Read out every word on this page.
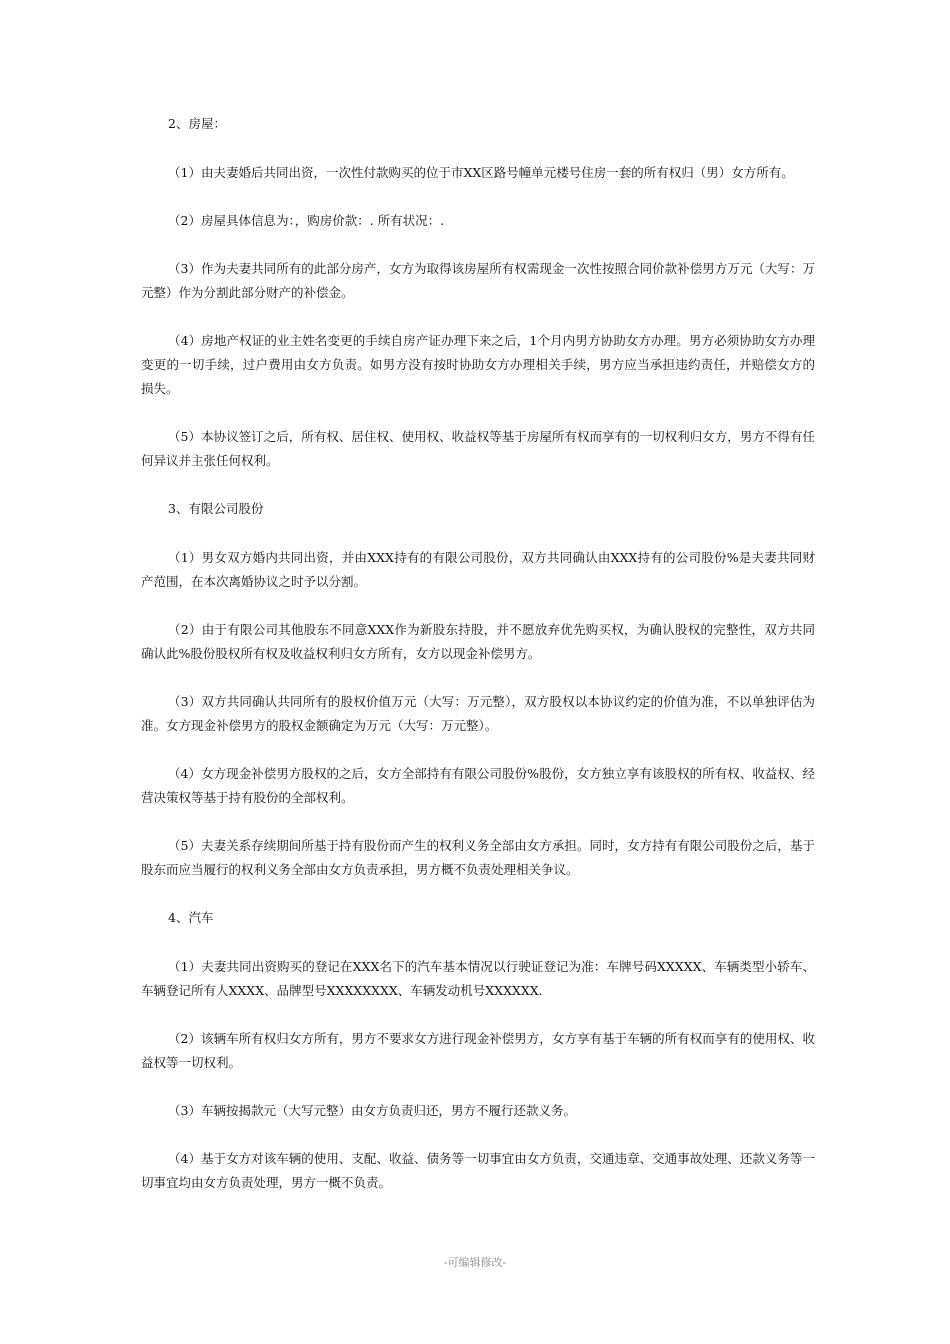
2、房屋：

（1）由夫妻婚后共同出资，一次性付款购买的位于市XX区路号幢单元楼号住房一套的所有权归（男）女方所有。

（2）房屋具体信息为：，购房价款：. 所有状况：.

（3）作为夫妻共同所有的此部分房产，女方为取得该房屋所有权需现金一次性按照合同价款补偿男方万元（大写：万元整）作为分割此部分财产的补偿金。

（4）房地产权证的业主姓名变更的手续自房产证办理下来之后，1个月内男方协助女方办理。男方必须协助女方办理变更的一切手续，过户费用由女方负责。如男方没有按时协助女方办理相关手续，男方应当承担违约责任，并赔偿女方的损失。

（5）本协议签订之后，所有权、居住权、使用权、收益权等基于房屋所有权而享有的一切权利归女方，男方不得有任何异议并主张任何权利。

3、有限公司股份

（1）男女双方婚内共同出资，并由XXX持有的有限公司股份，双方共同确认由XXX持有的公司股份%是夫妻共同财产范围，在本次离婚协议之时予以分割。

（2）由于有限公司其他股东不同意XXX作为新股东持股，并不愿放弃优先购买权，为确认股权的完整性，双方共同确认此%股份股权所有权及收益权利归女方所有，女方以现金补偿男方。

（3）双方共同确认共同所有的股权价值万元（大写：万元整），双方股权以本协议约定的价值为准，不以单独评估为准。女方现金补偿男方的股权金额确定为万元（大写：万元整）。

（4）女方现金补偿男方股权的之后，女方全部持有有限公司股份%股份，女方独立享有该股权的所有权、收益权、经营决策权等基于持有股份的全部权利。

（5）夫妻关系存续期间所基于持有股份而产生的权利义务全部由女方承担。同时，女方持有有限公司股份之后，基于股东而应当履行的权利义务全部由女方负责承担，男方概不负责处理相关争议。

4、汽车

（1）夫妻共同出资购买的登记在XXX名下的汽车基本情况以行驶证登记为准：车牌号码XXXXX、车辆类型小轿车、车辆登记所有人XXXX、品牌型号XXXXXXXX、车辆发动机号XXXXXX.

（2）该辆车所有权归女方所有，男方不要求女方进行现金补偿男方，女方享有基于车辆的所有权而享有的使用权、收益权等一切权利。

（3）车辆按揭款元（大写元整）由女方负责归还，男方不履行还款义务。

（4）基于女方对该车辆的使用、支配、收益、债务等一切事宜由女方负责，交通违章、交通事故处理、还款义务等一切事宜均由女方负责处理，男方一概不负责。

-可编辑修改-
